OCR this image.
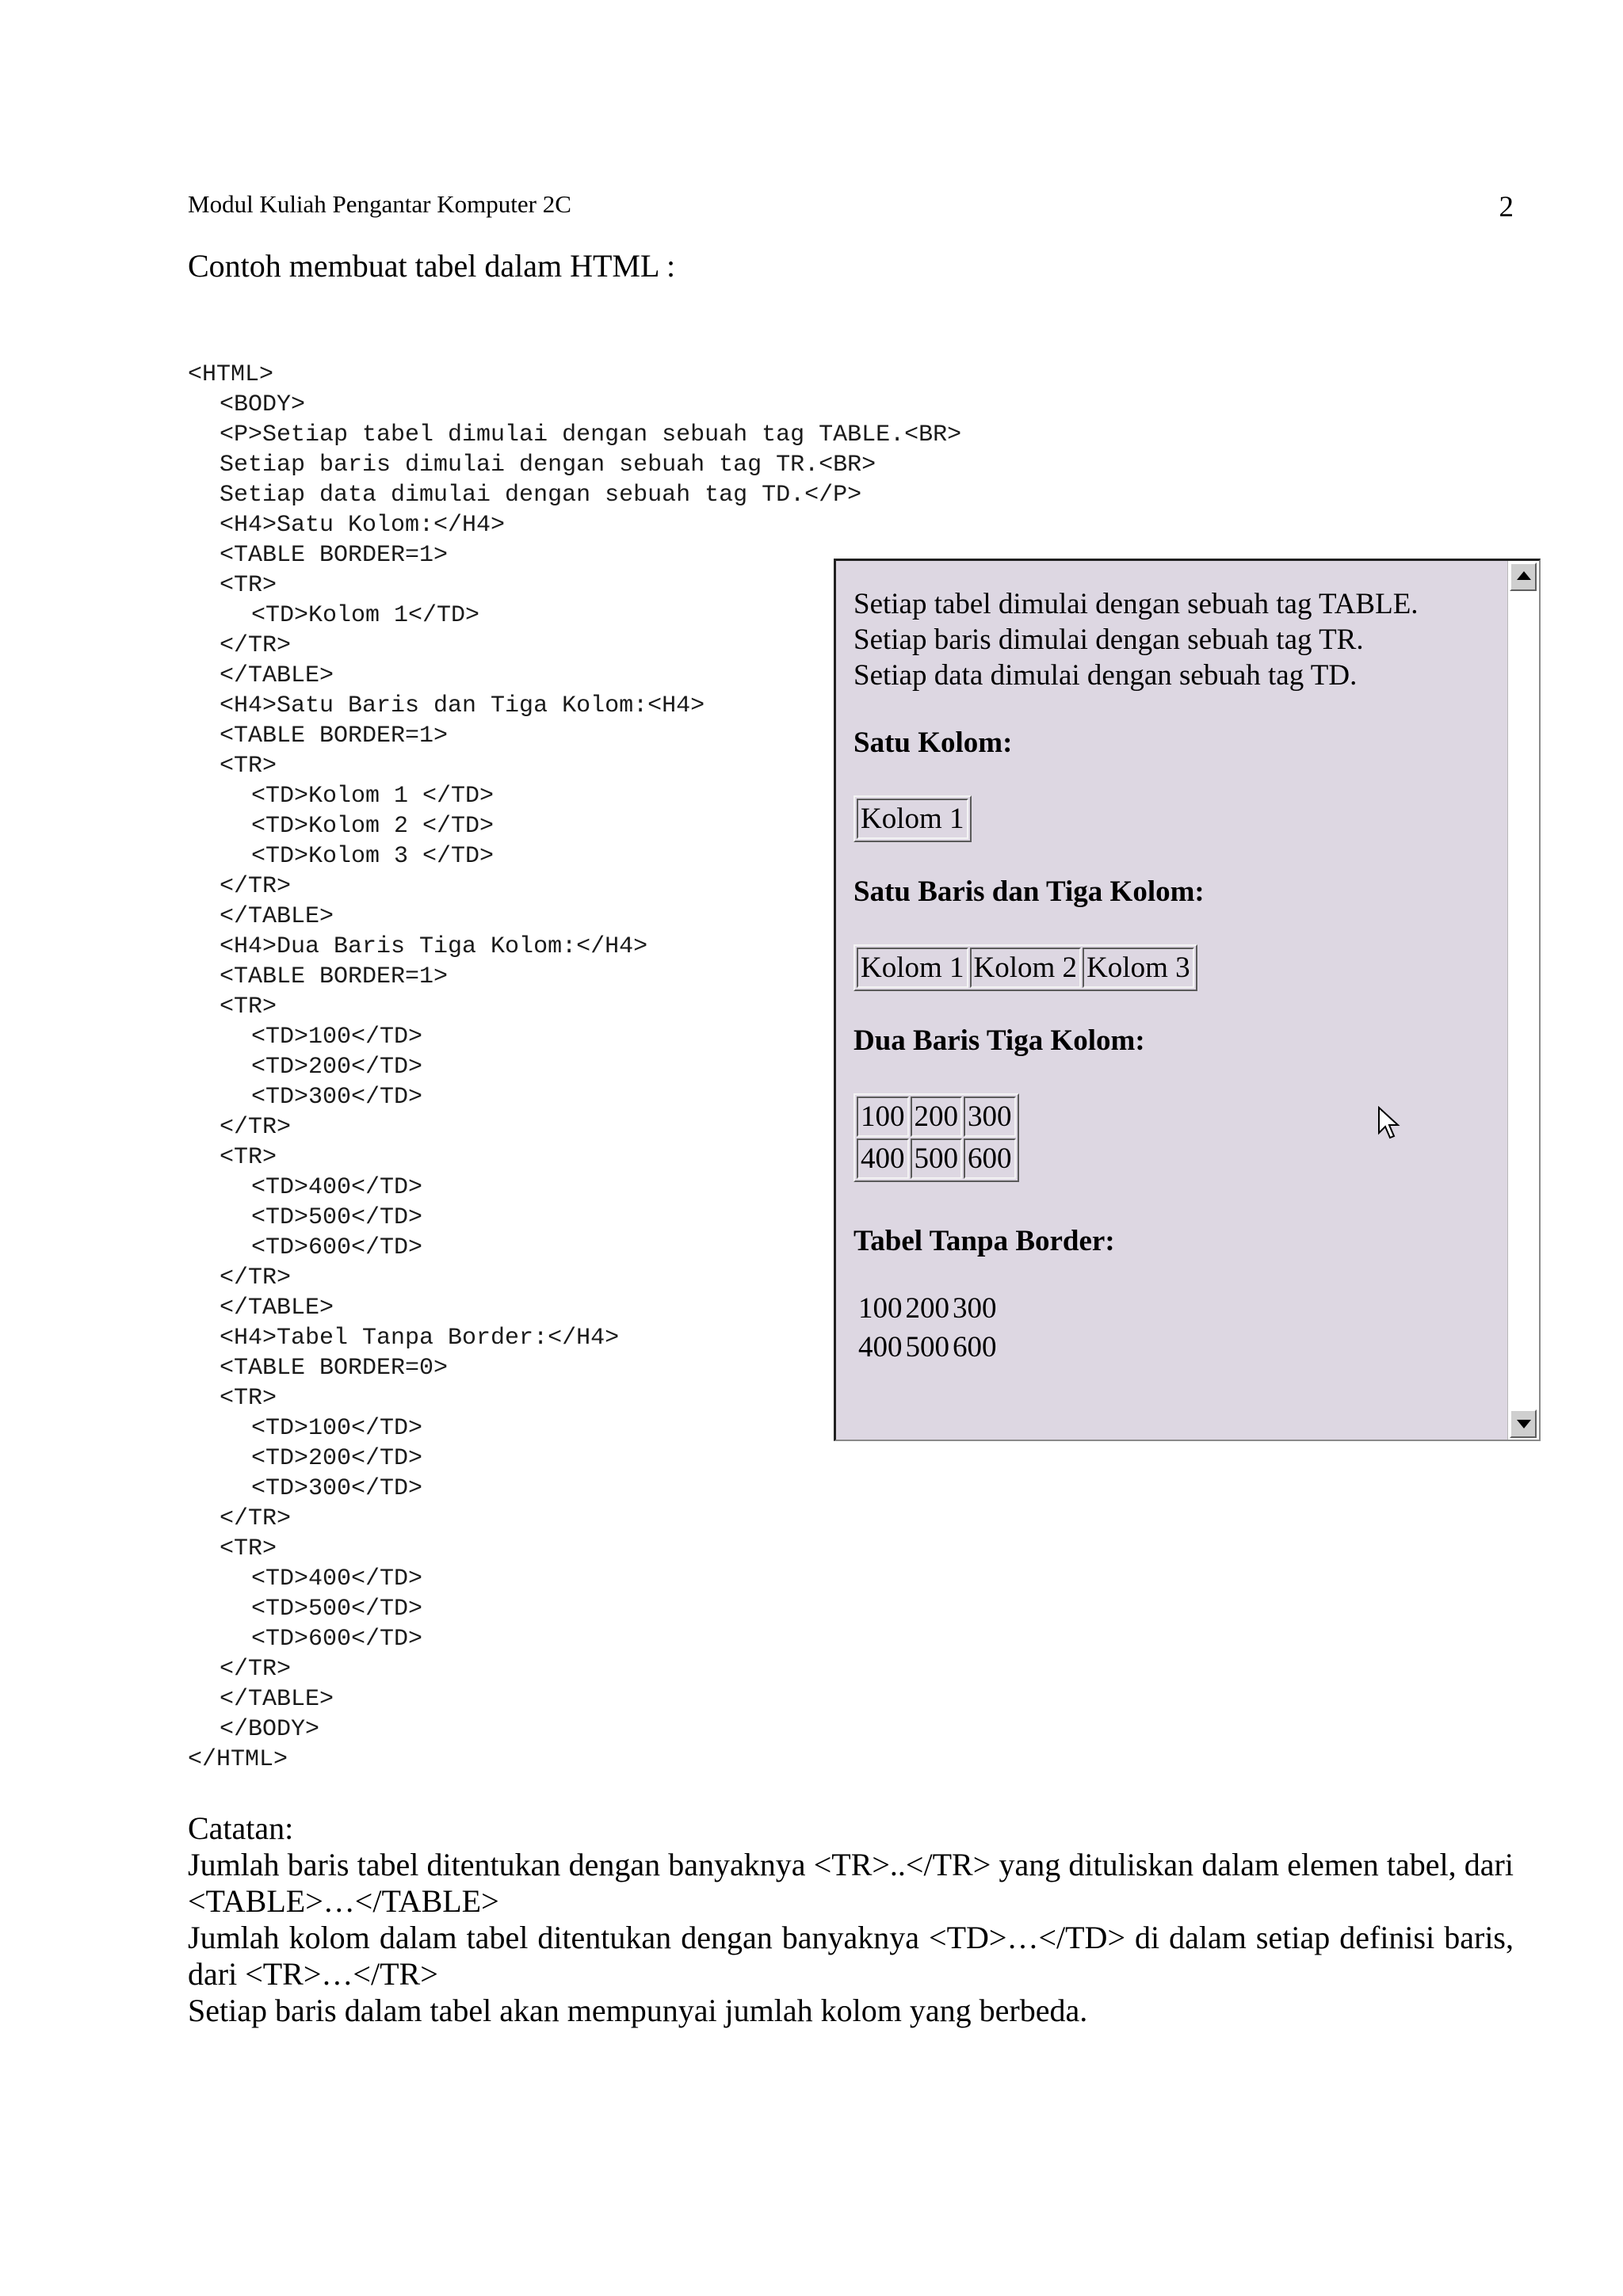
Modul Kuliah Pengantar Komputer 2C	2
Contoh membuat tabel dalam HTML :
<HTML>
<BODY>
<P>Setiap tabel dimulai dengan sebuah tag TABLE.<BR>
Setiap baris dimulai dengan sebuah tag TR.<BR>
Setiap data dimulai dengan sebuah tag TD.</P>
<H4>Satu Kolom:</H4>
<TABLE BORDER=1>
<TR>
<TD>Kolom 1</TD>
</TR>
</TABLE>
<H4>Satu Baris dan Tiga Kolom:<H4>
<TABLE BORDER=1>
<TR>
<TD>Kolom 1 </TD>
<TD>Kolom 2 </TD>
<TD>Kolom 3 </TD>
</TR>
</TABLE>
<H4>Dua Baris Tiga Kolom:</H4>
<TABLE BORDER=1>
<TR>
<TD>100</TD>
<TD>200</TD>
<TD>300</TD>
</TR>
<TR>
<TD>400</TD>
<TD>500</TD>
<TD>600</TD>
</TR>
</TABLE>
<H4>Tabel Tanpa Border:</H4>
<TABLE BORDER=0>
<TR>
<TD>100</TD>
<TD>200</TD>
<TD>300</TD>
</TR>
<TR>
<TD>400</TD>
<TD>500</TD>
<TD>600</TD>
</TR>
</TABLE>
</BODY>
</HTML>

Setiap tabel dimulai dengan sebuah tag TABLE.
Setiap baris dimulai dengan sebuah tag TR.
Setiap data dimulai dengan sebuah tag TD.

Satu Kolom:
Kolom 1
Satu Baris dan Tiga Kolom:
Kolom 1	Kolom 2	Kolom 3
Dua Baris Tiga Kolom:
100	200	300
400	500	600
Tabel Tanpa Border:
100	200	300
400	500	600

Catatan:

Jumlah baris tabel ditentukan dengan banyaknya <TR>..</TR> yang dituliskan dalam elemen tabel, dari <TABLE>…</TABLE>

Jumlah kolom dalam tabel ditentukan dengan banyaknya <TD>…</TD> di dalam setiap definisi baris, dari <TR>…</TR>

Setiap baris dalam tabel akan mempunyai jumlah kolom yang berbeda.
